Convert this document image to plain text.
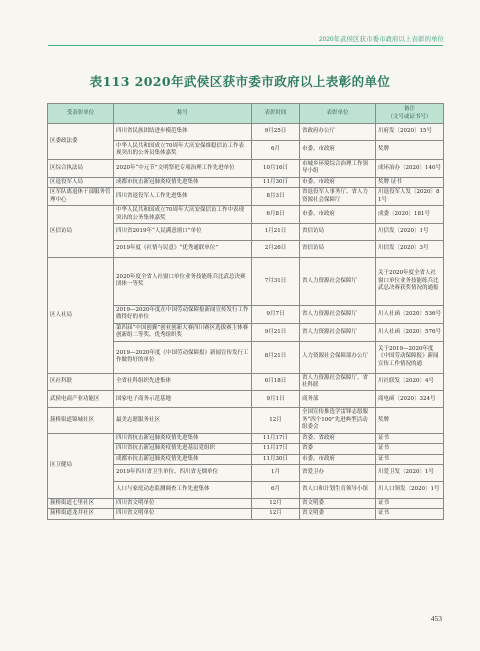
2020年武侯区获市委市政府以上表彰的单位
表113 2020年武侯区获市委市政府以上表彰的单位
受表彰单位	称号	表彰时间	表彰单位	备注
（文号或证书号）

区委政法委	四川省民族团结进步模范集体	9月25日	省政府办公厅	川府发〔2020〕15号
	中华人民共和国成立70周年大庆安保维稳信访工作表现突出的公务员集体嘉奖	6月	市委、市政府	奖牌
区综合执法局	2020年“中元节”文明祭祀专项治理工作先进单位	10月16日	市城乡环境综合治理工作领导小组	成环治办〔2020〕140号
区退役军人局	成都市抗击新冠肺炎疫情先进集体	11月30日	市委、市政府	奖牌 证书
区军队离退休干部服务管理中心	四川省退役军人工作先进集体	8月3日	省退役军人事务厅、省人力资源社会保障厅	川退役军人发〔2020〕81号
区信访局	中华人民共和国成立70周年大庆安保信访工作中表现突出的公务集体嘉奖	6月8日	市委、市政府	成委〔2020〕181号
	四川省2019年“人民满意窗口”单位	1月21日	省信访局	川信发〔2020〕1号
	2019年度《社情与民意》“优秀通联单位”	2月26日	省信访局	川信发〔2020〕3号
区人社局	2020年度全省人社窗口单位业务技能练兵比武总决赛团体一等奖	7月31日	省人力资源社会保障厅	关于2020年度全省人社窗口单位业务技能练兵比武总决赛获奖情况的通报
	2019—2020年度在中国劳动保障报新闻宣传发行工作做得好的单位	9月7日	省人力资源社会保障厅	川人社函〔2020〕536号
	第四届“中国创翼”创业创新大赛四川赛区选拔赛主体赛创新组二等奖、优秀组织奖	9月21日	省人力资源社会保障厅	川人社函〔2020〕576号
	2019—2020年度《中国劳动保障报》新闻宣传发行工作做得好的单位	8月21日	人力资源社会保障部办公厅	关于2019—2020年度《中国劳动保障报》新闻宣传工作情况的通
区社科联	全省社科组织先进集体	6月18日	省人力资源社会保障厅、省社科联	川社联发〔2020〕4号
武侯电商产业功能区	国家电子商务示范基地	9月1日	商务部	商电函〔2020〕324号
簇桥街道锦城社区	最美志愿服务社区	12月	全国宣传推选学雷锋志愿服务“四个100”先进典型活动组委会	奖牌
区卫健局	四川省抗击新冠肺炎疫情先进集体	11月17日	省委、省政府	证书
	四川省抗击新冠肺炎疫情先进基层党组织	11月17日	省委	证书
	成都市抗击新冠肺炎疫情先进集体	11月30日	市委、市政府	证书
	2019年四川省卫生单位、四川省无烟单位	1月	省爱卫办	川爱卫发〔2020〕1号
	人口与家庭动态监测调查工作先进集体	6月	省人口和计划生育领导小组	川人口领发〔2020〕1号
簇桥街道七里社区	四川省文明单位	12月	省文明委	证书
簇桥街道龙井社区	四川省文明单位	12月	省文明委	证书
453
